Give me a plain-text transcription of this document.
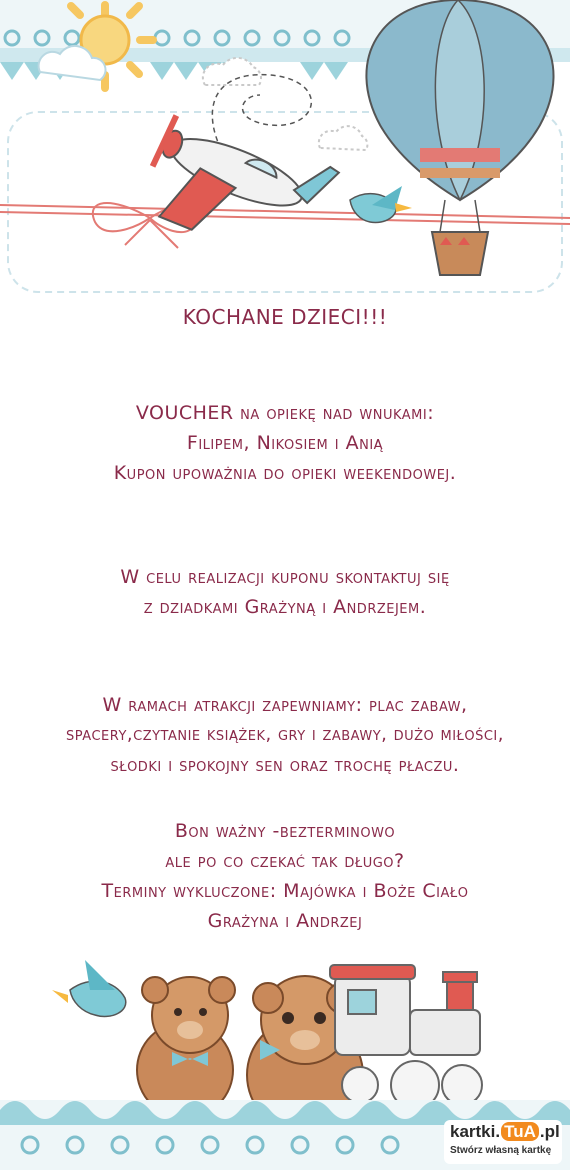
KOCHANE DZIECI!!!
VOUCHER na opiekę nad wnukami:
Filipem, Nikosiem i Anią
Kupon upoważnia do opieki weekendowej.
W celu realizacji kuponu skontaktuj się
z dziadkami Grażyną i Andrzejem.
W ramach atrakcji zapewniamy: plac zabaw,
spacery,czytanie książek, gry i zabawy, dużo miłości,
słodki i spokojny sen oraz trochę płaczu.
Bon ważny -bezterminowo
ale po co czekać tak długo?
Terminy wykluczone: Majówka i Boże Ciało
Grażyna i Andrzej
kartki. TuA .pl
Stwórz własną kartkę
